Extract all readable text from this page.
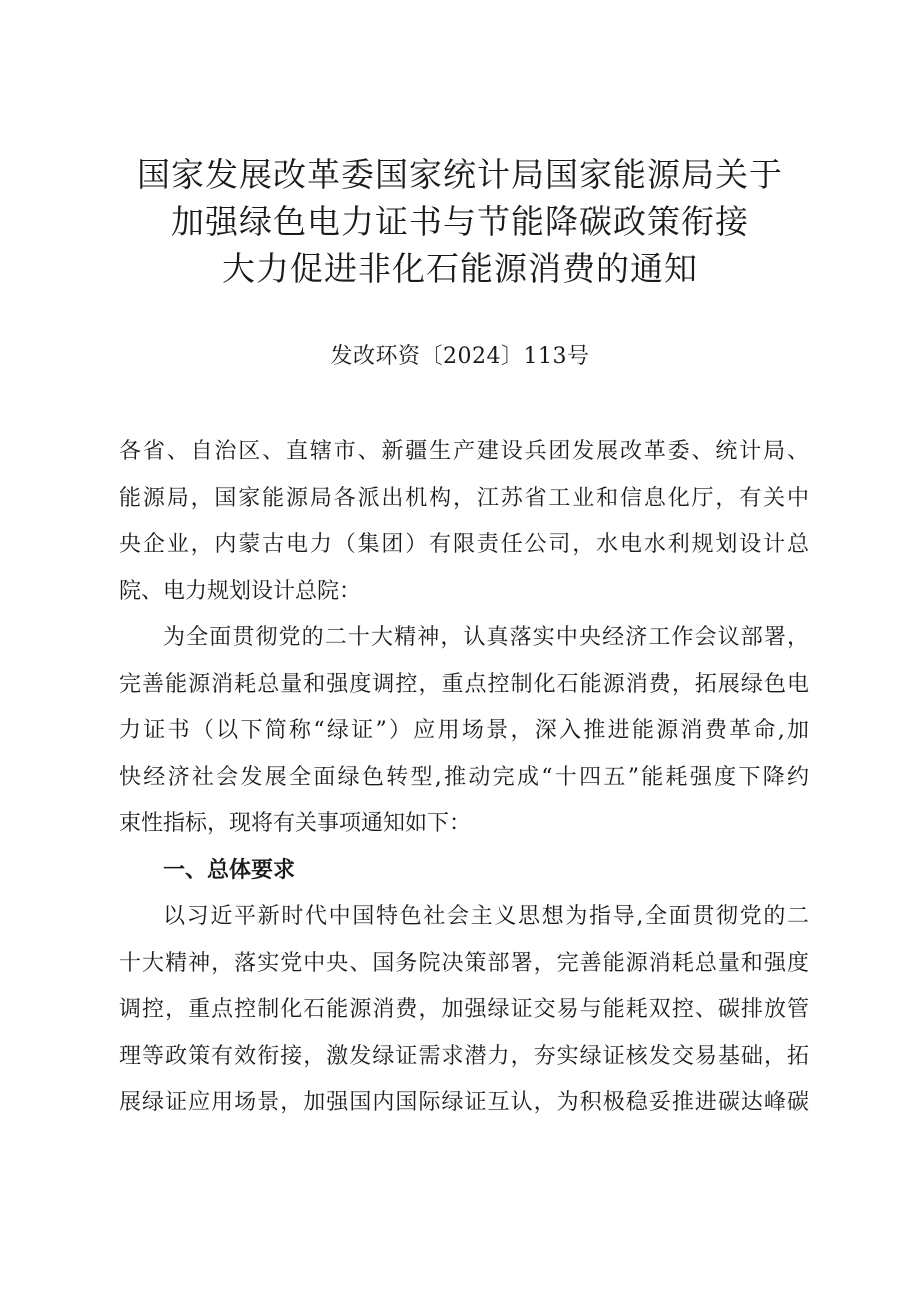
国家发展改革委国家统计局国家能源局关于
加强绿色电力证书与节能降碳政策衔接
大力促进非化石能源消费的通知
发改环资〔2024〕113号
各省、自治区、直辖市、新疆生产建设兵团发展改革委、统计局、
能源局，国家能源局各派出机构，江苏省工业和信息化厅，有关中
央企业，内蒙古电力（集团）有限责任公司，水电水利规划设计总
院、电力规划设计总院：
为全面贯彻党的二十大精神，认真落实中央经济工作会议部署，
完善能源消耗总量和强度调控，重点控制化石能源消费，拓展绿色电
力证书（以下简称“绿证”）应用场景，深入推进能源消费革命,加
快经济社会发展全面绿色转型,推动完成“十四五”能耗强度下降约
束性指标，现将有关事项通知如下：
一、总体要求
以习近平新时代中国特色社会主义思想为指导,全面贯彻党的二
十大精神，落实党中央、国务院决策部署，完善能源消耗总量和强度
调控，重点控制化石能源消费，加强绿证交易与能耗双控、碳排放管
理等政策有效衔接，激发绿证需求潜力，夯实绿证核发交易基础，拓
展绿证应用场景，加强国内国际绿证互认，为积极稳妥推进碳达峰碳
